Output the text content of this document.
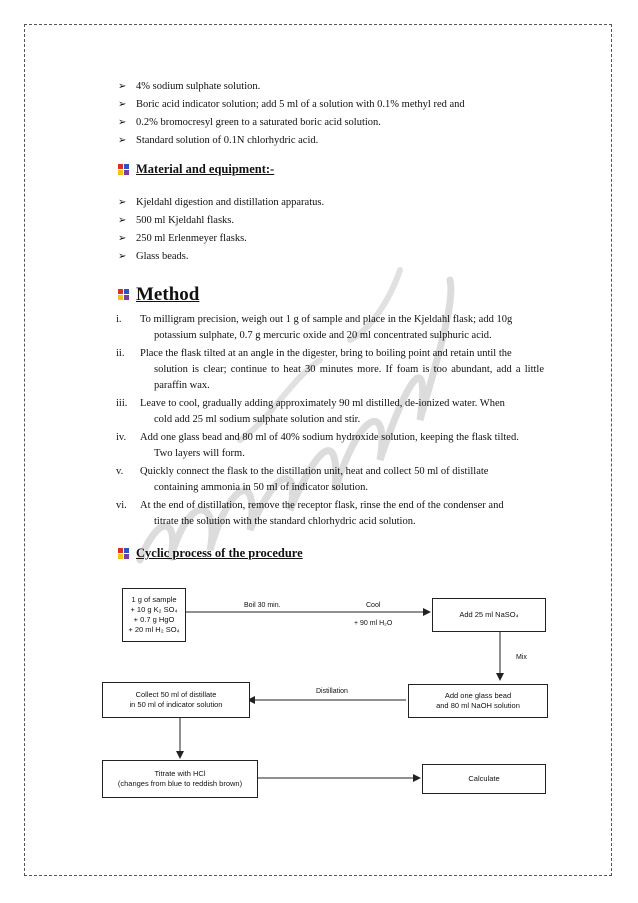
➢ 4% sodium sulphate solution.
➢ Boric acid indicator solution; add 5 ml of a solution with 0.1% methyl red and
➢ 0.2% bromocresyl green to a saturated boric acid solution.
➢ Standard solution of 0.1N chlorhydric acid.
Material and equipment:-
➢ Kjeldahl digestion and distillation apparatus.
➢ 500 ml Kjeldahl flasks.
➢ 250 ml Erlenmeyer flasks.
➢ Glass beads.
Method
i. To milligram precision, weigh out 1 g of sample and place in the Kjeldahl flask; add 10g
potassium sulphate, 0.7 g mercuric oxide and 20 ml concentrated sulphuric acid.
ii. Place the flask tilted at an angle in the digester, bring to boiling point and retain until the
solution is clear; continue to heat 30 minutes more. If foam is too abundant, add a little paraffin wax.
iii. Leave to cool, gradually adding approximately 90 ml distilled, de-ionized water. When
cold add 25 ml sodium sulphate solution and stir.
iv. Add one glass bead and 80 ml of 40% sodium hydroxide solution, keeping the flask tilted.
Two layers will form.
v. Quickly connect the flask to the distillation unit, heat and collect 50 ml of distillate
containing ammonia in 50 ml of indicator solution.
vi. At the end of distillation, remove the receptor flask, rinse the end of the condenser and
titrate the solution with the standard chlorhydric acid solution.
Cyclic process of the procedure
1 g of sample
+ 10 g K₂ SO₄
+ 0.7 g HgO
+ 20 ml H₂ SO₄
Boil 30 min.	Cool
+ 90 ml H₂O
Add 25 ml NaSO₄
Mix
Add one glass bead
and 80 ml NaOH solution
Distillation
Collect 50 ml of distillate
in 50 ml of indicator solution
Titrate with HCl
(changes from blue to reddish brown)
Calculate
